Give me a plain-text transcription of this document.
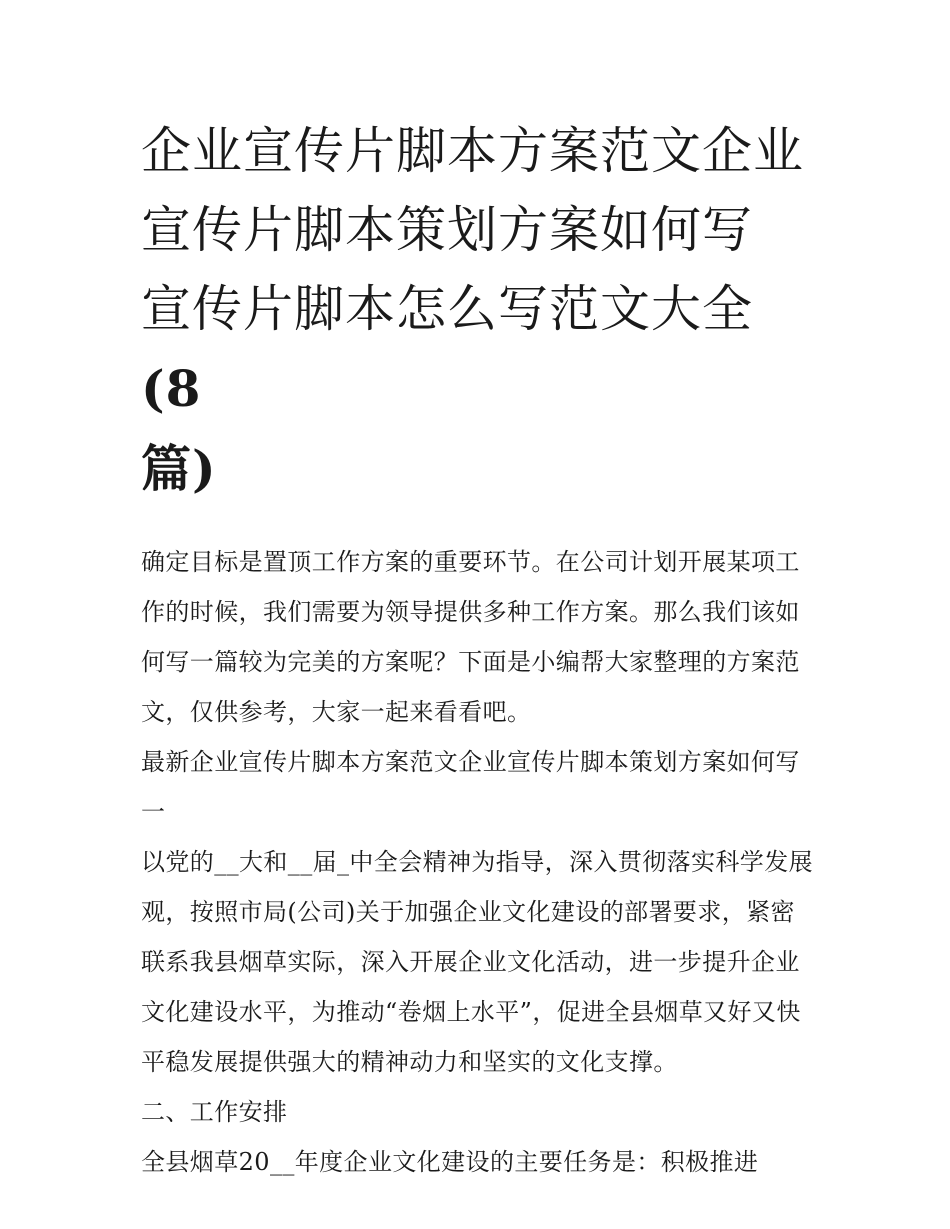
企业宣传片脚本方案范文企业宣传片脚本策划方案如何写 宣传片脚本怎么写范文大全(8
篇)

确定目标是置顶工作方案的重要环节。在公司计划开展某项工作的时候，我们需要为领导提供多种工作方案。那么我们该如何写一篇较为完美的方案呢？下面是小编帮大家整理的方案范文，仅供参考，大家一起来看看吧。

最新企业宣传片脚本方案范文企业宣传片脚本策划方案如何写一

以党的__大和__届_中全会精神为指导，深入贯彻落实科学发展观，按照市局(公司)关于加强企业文化建设的部署要求，紧密联系我县烟草实际，深入开展企业文化活动，进一步提升企业文化建设水平，为推动“卷烟上水平”，促进全县烟草又好又快平稳发展提供强大的精神动力和坚实的文化支撑。

二、工作安排

全县烟草20__年度企业文化建设的主要任务是：积极推进
